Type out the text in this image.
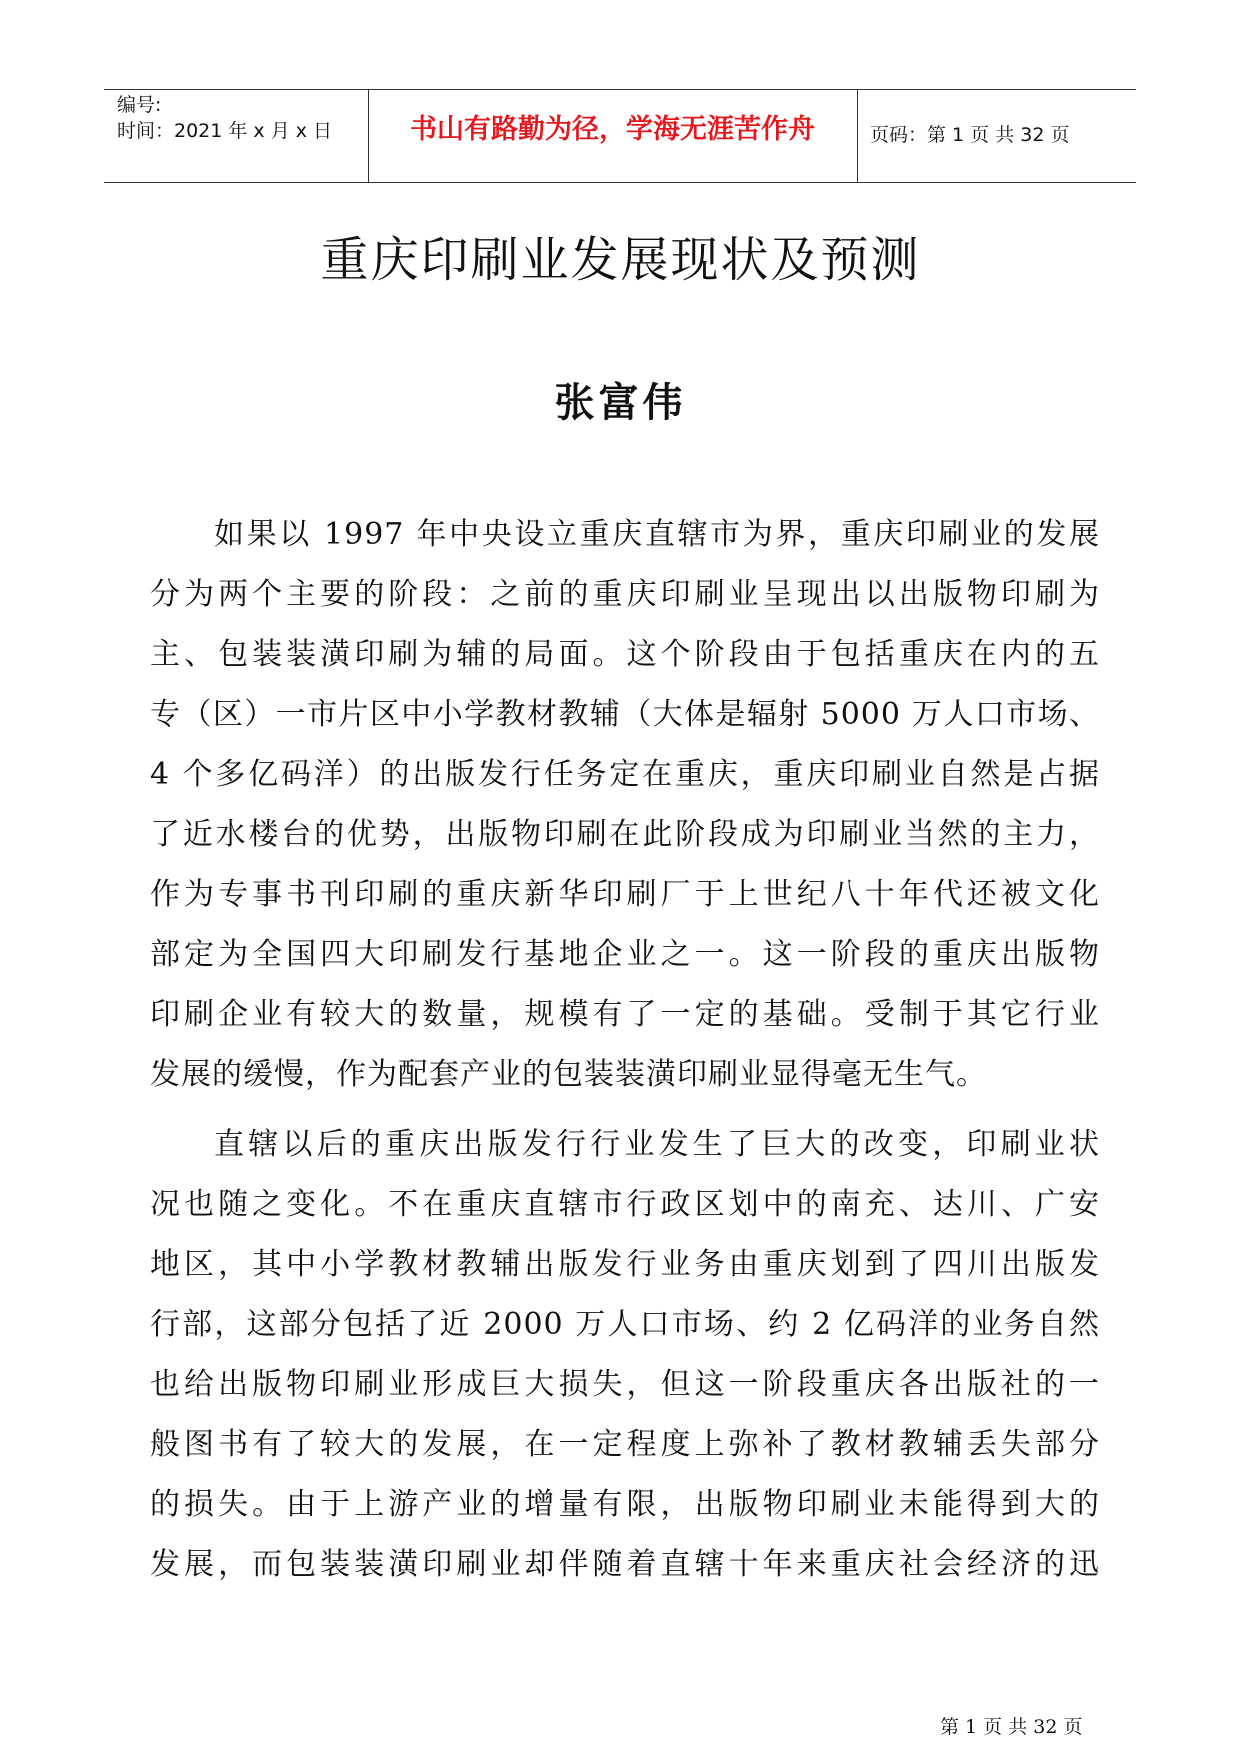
编号:
时间：2021 年 x 月 x 日	书山有路勤为径，学海无涯苦作舟	页码：第 1 页 共 32 页
重庆印刷业发展现状及预测
张富伟
如果以 1997 年中央设立重庆直辖市为界，重庆印刷业的发展
分为两个主要的阶段：之前的重庆印刷业呈现出以出版物印刷为
主、包装装潢印刷为辅的局面。这个阶段由于包括重庆在内的五
专（区）一市片区中小学教材教辅（大体是辐射 5000 万人口市场、
4 个多亿码洋）的出版发行任务定在重庆，重庆印刷业自然是占据
了近水楼台的优势，出版物印刷在此阶段成为印刷业当然的主力，
作为专事书刊印刷的重庆新华印刷厂于上世纪八十年代还被文化
部定为全国四大印刷发行基地企业之一。这一阶段的重庆出版物
印刷企业有较大的数量，规模有了一定的基础。受制于其它行业
发展的缓慢，作为配套产业的包装装潢印刷业显得毫无生气。
直辖以后的重庆出版发行行业发生了巨大的改变，印刷业状
况也随之变化。不在重庆直辖市行政区划中的南充、达川、广安
地区，其中小学教材教辅出版发行业务由重庆划到了四川出版发
行部，这部分包括了近 2000 万人口市场、约 2 亿码洋的业务自然
也给出版物印刷业形成巨大损失，但这一阶段重庆各出版社的一
般图书有了较大的发展，在一定程度上弥补了教材教辅丢失部分
的损失。由于上游产业的增量有限，出版物印刷业未能得到大的
发展，而包装装潢印刷业却伴随着直辖十年来重庆社会经济的迅
第 1 页 共 32 页
